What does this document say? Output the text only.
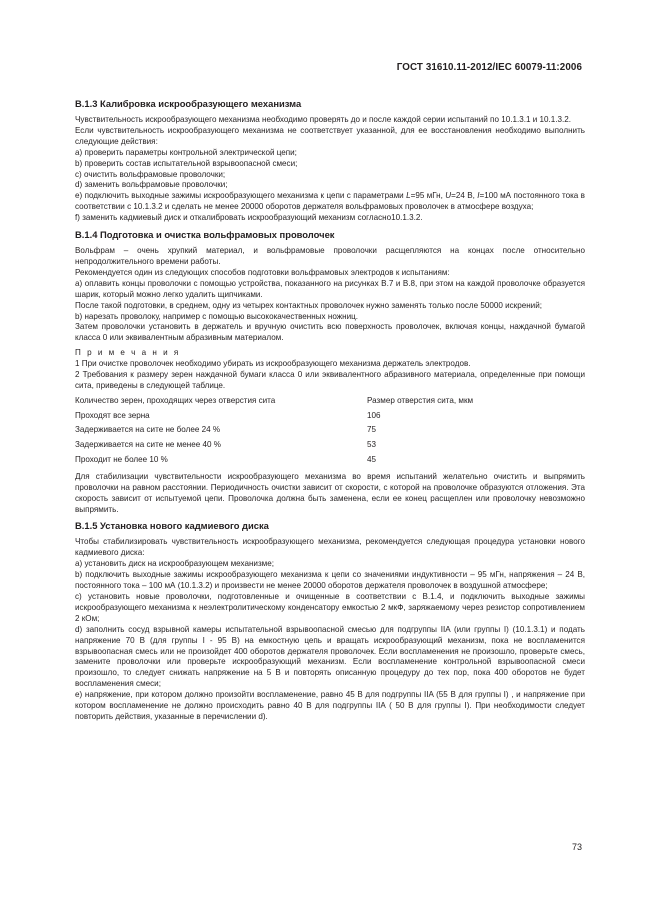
ГОСТ 31610.11-2012/IEC 60079-11:2006
В.1.3 Калибровка искрообразующего механизма

Чувствительность искрообразующего механизма необходимо проверять до и после каждой серии испытаний по 10.1.3.1 и 10.1.3.2.

Если чувствительность искрообразующего механизма не соответствует указанной, для ее восстановления необходимо выполнить следующие действия:

а) проверить параметры контрольной электрической цепи;

b) проверить состав испытательной взрывоопасной смеси;

c) очистить вольфрамовые проволочки;

d) заменить вольфрамовые проволочки;

е) подключить выходные зажимы искрообразующего механизма к цепи с параметрами L=95 мГн, U=24 В, I=100 мА постоянного тока в соответствии с 10.1.3.2 и сделать не менее 20000 оборотов держателя вольфрамовых проволочек в атмосфере воздуха;

f) заменить кадмиевый диск и откалибровать искрообразующий механизм согласно10.1.3.2.

В.1.4 Подготовка и очистка вольфрамовых проволочек

Вольфрам – очень хрупкий материал, и вольфрамовые проволочки расщепляются на концах после относительно непродолжительного времени работы.

Рекомендуется один из следующих способов подготовки вольфрамовых электродов к испытаниям:

а) оплавить концы проволочки с помощью устройства, показанного на рисунках В.7 и В.8, при этом на каждой проволочке образуется шарик, который можно легко удалить щипчиками.

После такой подготовки, в среднем, одну из четырех контактных проволочек нужно заменять только после 50000 искрений;

b) нарезать проволоку, например с помощью высококачественных ножниц.

Затем проволочки установить в держатель и вручную очистить всю поверхность проволочек, включая концы, наждачной бумагой класса 0 или эквивалентным абразивным материалом.

П р и м е ч а н и я

1 При очистке проволочек необходимо убирать из искрообразующего механизма держатель электродов.

2 Требования к размеру зерен наждачной бумаги класса 0 или эквивалентного абразивного материала, определенные при помощи сита, приведены в следующей таблице.

Количество зерен, проходящих через отверстия сита	Размер отверстия сита, мкм
Проходят все зерна	106
Задерживается на сите не более 24 %	75
Задерживается на сите не менее 40 %	53
Проходит не более 10 %	45

Для стабилизации чувствительности искрообразующего механизма во время испытаний желательно очистить и выпрямить проволочки на равном расстоянии. Периодичность очистки зависит от скорости, с которой на проволочке образуются отложения. Эта скорость зависит от испытуемой цепи. Проволочка должна быть заменена, если ее конец расщеплен или проволочку невозможно выпрямить.

В.1.5 Установка нового кадмиевого диска

Чтобы стабилизировать чувствительность искрообразующего механизма, рекомендуется следующая процедура установки нового кадмиевого диска:

а) установить диск на искрообразующем механизме;

b) подключить выходные зажимы искрообразующего механизма к цепи со значениями индуктивности – 95 мГн, напряжения – 24 В, постоянного тока – 100 мА (10.1.3.2) и произвести не менее 20000 оборотов держателя проволочек в воздушной атмосфере;

c) установить новые проволочки, подготовленные и очищенные в соответствии с В.1.4, и подключить выходные зажимы искрообразующего механизма к неэлектролитическому конденсатору емкостью 2 мкФ, заряжаемому через резистор сопротивлением 2 кОм;

d) заполнить сосуд взрывной камеры испытательной взрывоопасной смесью для подгруппы IIA (или группы I) (10.1.3.1) и подать напряжение 70 В (для группы I - 95 В) на емкостную цепь и вращать искрообразующий механизм, пока не воспламенится взрывоопасная смесь или не произойдет 400 оборотов держателя проволочек. Если воспламенения не произошло, проверьте смесь, замените проволочки или проверьте искрообразующий механизм. Если воспламенение контрольной взрывоопасной смеси произошло, то следует снижать напряжение на 5 В и повторять описанную процедуру до тех пор, пока 400 оборотов не будет воспламенения смеси;

е) напряжение, при котором должно произойти воспламенение, равно 45 В для подгруппы IIA (55 В для группы I) , и напряжение при котором воспламенение не должно происходить равно 40 В для подгруппы IIA ( 50 В для группы I). При необходимости следует повторить действия, указанные в перечислении d).

73
